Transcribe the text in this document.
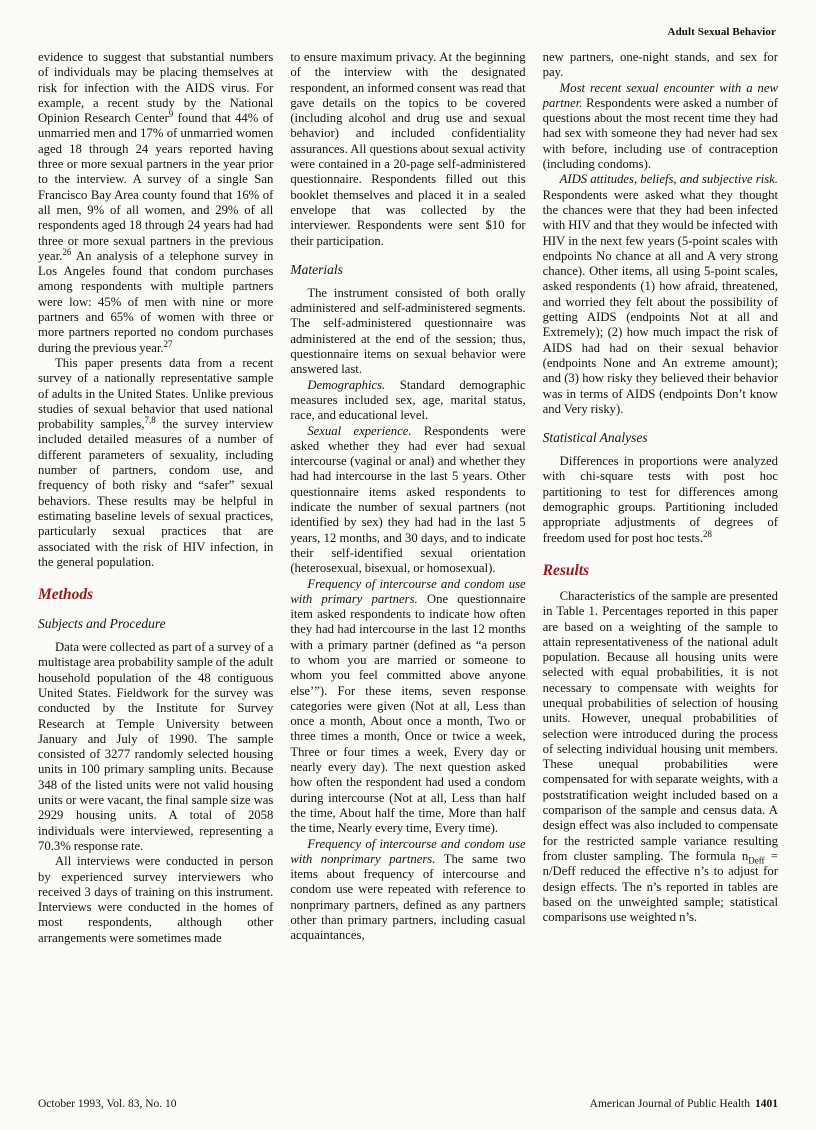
Adult Sexual Behavior

evidence to suggest that substantial numbers of individuals may be placing themselves at risk for infection with the AIDS virus. For example, a recent study by the National Opinion Research Center$^9$ found that 44% of unmarried men and 17% of unmarried women aged 18 through 24 years reported having three or more sexual partners in the year prior to the interview. A survey of a single San Francisco Bay Area county found that 16% of all men, 9% of all women, and 29% of all respondents aged 18 through 24 years had had three or more sexual partners in the previous year.$^{26}$ An analysis of a telephone survey in Los Angeles found that condom purchases among respondents with multiple partners were low: 45% of men with nine or more partners and 65% of women with three or more partners reported no condom purchases during the previous year.$^{27}$

This paper presents data from a recent survey of a nationally representative sample of adults in the United States. Unlike previous studies of sexual behavior that used national probability samples,$^{7,8}$ the survey interview included detailed measures of a number of different parameters of sexuality, including number of partners, condom use, and frequency of both risky and “safer” sexual behaviors. These results may be helpful in estimating baseline levels of sexual practices, particularly sexual practices that are associated with the risk of HIV infection, in the general population.

Methods
Subjects and Procedure

Data were collected as part of a survey of a multistage area probability sample of the adult household population of the 48 contiguous United States. Fieldwork for the survey was conducted by the Institute for Survey Research at Temple University between January and July of 1990. The sample consisted of 3277 randomly selected housing units in 100 primary sampling units. Because 348 of the listed units were not valid housing units or were vacant, the final sample size was 2929 housing units. A total of 2058 individuals were interviewed, representing a 70.3% response rate.

All interviews were conducted in person by experienced survey interviewers who received 3 days of training on this instrument. Interviews were conducted in the homes of most respondents, although other arrangements were sometimes made

to ensure maximum privacy. At the beginning of the interview with the designated respondent, an informed consent was read that gave details on the topics to be covered (including alcohol and drug use and sexual behavior) and included confidentiality assurances. All questions about sexual activity were contained in a 20-page self-administered questionnaire. Respondents filled out this booklet themselves and placed it in a sealed envelope that was collected by the interviewer. Respondents were sent $10 for their participation.

Materials

The instrument consisted of both orally administered and self-administered segments. The self-administered questionnaire was administered at the end of the session; thus, questionnaire items on sexual behavior were answered last.

Demographics. Standard demographic measures included sex, age, marital status, race, and educational level.

Sexual experience. Respondents were asked whether they had ever had sexual intercourse (vaginal or anal) and whether they had had intercourse in the last 5 years. Other questionnaire items asked respondents to indicate the number of sexual partners (not identified by sex) they had had in the last 5 years, 12 months, and 30 days, and to indicate their self-identified sexual orientation (heterosexual, bisexual, or homosexual).

Frequency of intercourse and condom use with primary partners. One questionnaire item asked respondents to indicate how often they had had intercourse in the last 12 months with a primary partner (defined as “a person to whom you are married or someone to whom you feel committed above anyone else’”). For these items, seven response categories were given (Not at all, Less than once a month, About once a month, Two or three times a month, Once or twice a week, Three or four times a week, Every day or nearly every day). The next question asked how often the respondent had used a condom during intercourse (Not at all, Less than half the time, About half the time, More than half the time, Nearly every time, Every time).

Frequency of intercourse and condom use with nonprimary partners. The same two items about frequency of intercourse and condom use were repeated with reference to nonprimary partners, defined as any partners other than primary partners, including casual acquaintances,

new partners, one-night stands, and sex for pay.

Most recent sexual encounter with a new partner. Respondents were asked a number of questions about the most recent time they had had sex with someone they had never had sex with before, including use of contraception (including condoms).

AIDS attitudes, beliefs, and subjective risk. Respondents were asked what they thought the chances were that they had been infected with HIV and that they would be infected with HIV in the next few years (5-point scales with endpoints No chance at all and A very strong chance). Other items, all using 5-point scales, asked respondents (1) how afraid, threatened, and worried they felt about the possibility of getting AIDS (endpoints Not at all and Extremely); (2) how much impact the risk of AIDS had had on their sexual behavior (endpoints None and An extreme amount); and (3) how risky they believed their behavior was in terms of AIDS (endpoints Don’t know and Very risky).

Statistical Analyses

Differences in proportions were analyzed with chi-square tests with post hoc partitioning to test for differences among demographic groups. Partitioning included appropriate adjustments of degrees of freedom used for post hoc tests.$^{28}$

Results

Characteristics of the sample are presented in Table 1. Percentages reported in this paper are based on a weighting of the sample to attain representativeness of the national adult population. Because all housing units were selected with equal probabilities, it is not necessary to compensate with weights for unequal probabilities of selection of housing units. However, unequal probabilities of selection were introduced during the process of selecting individual housing unit members. These unequal probabilities were compensated for with separate weights, with a poststratification weight included based on a comparison of the sample and census data. A design effect was also included to compensate for the restricted sample variance resulting from cluster sampling. The formula $n_{Deff}$ = n/Deff reduced the effective n’s to adjust for design effects. The n’s reported in tables are based on the unweighted sample; statistical comparisons use weighted n’s.

October 1993, Vol. 83, No. 10	American Journal of Public Health 1401
